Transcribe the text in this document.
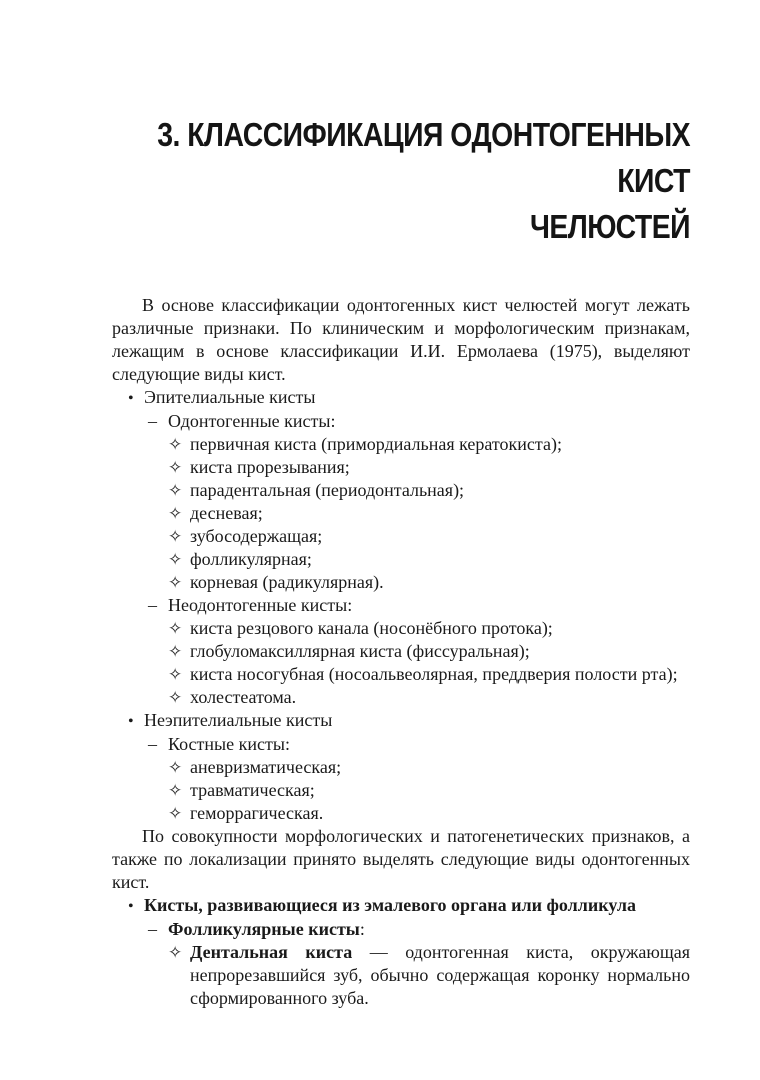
3. КЛАССИФИКАЦИЯ ОДОНТОГЕННЫХ КИСТ
ЧЕЛЮСТЕЙ

В основе классификации одонтогенных кист челюстей могут лежать различные признаки. По клиническим и морфологическим признакам, лежащим в основе классификации И.И. Ермолаева (1975), выделяют следующие виды кист.

• Эпителиальные кисты
– Одонтогенные кисты:
✧ первичная киста (примордиальная кератокиста);
✧ киста прорезывания;
✧ парадентальная (периодонтальная);
✧ десневая;
✧ зубосодержащая;
✧ фолликулярная;
✧ корневая (радикулярная).
– Неодонтогенные кисты:
✧ киста резцового канала (носонёбного протока);
✧ глобуломаксиллярная киста (фиссуральная);
✧ киста носогубная (носоальвеолярная, преддверия полости рта);
✧ холестеатома.
• Неэпителиальные кисты
– Костные кисты:
✧ аневризматическая;
✧ травматическая;
✧ геморрагическая.

По совокупности морфологических и патогенетических признаков, а также по локализации принято выделять следующие виды одонтогенных кист.

• Кисты, развивающиеся из эмалевого органа или фолликула
– Фолликулярные кисты:
✧ Дентальная киста — одонтогенная киста, окружающая непрорезавшийся зуб, обычно содержащая коронку нормально сформированного зуба.
